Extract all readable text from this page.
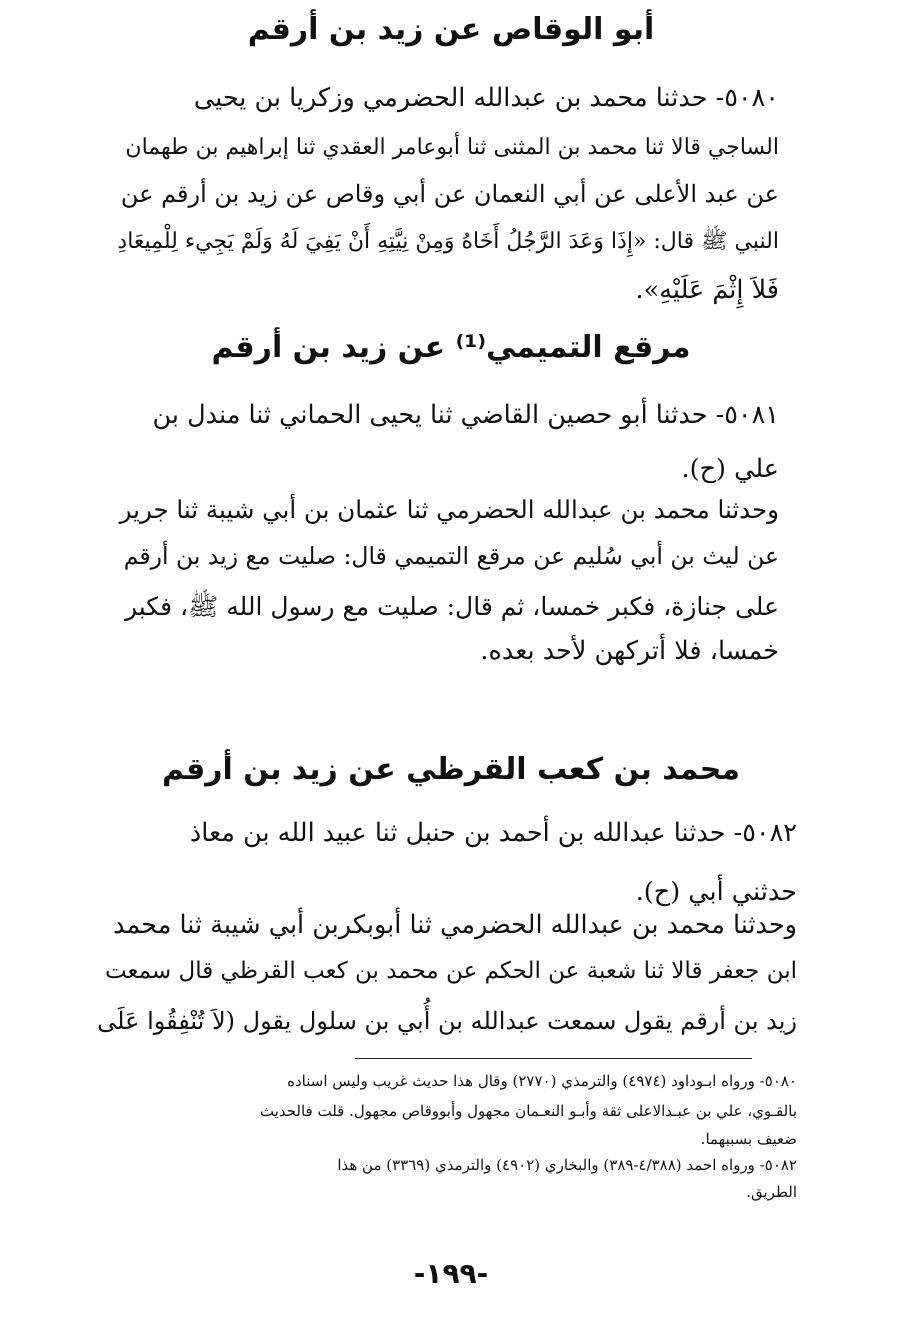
أبو الوقاص عن زيد بن أرقم
٥٠٨٠- حدثنا محمد بن عبدالله الحضرمي وزكريا بن يحيى
الساجي قالا ثنا محمد بن المثنى ثنا أبوعامر العقدي ثنا إبراهيم بن طهمان
عن عبد الأعلى عن أبي النعمان عن أبي وقاص عن زيد بن أرقم عن
النبي ﷺ قال: «إِذَا وَعَدَ الرَّجُلُ أَخَاهُ وَمِنْ نِيَّتِهِ أَنْ يَفِيَ لَهُ وَلَمْ يَجِيء لِلْمِيعَادِ
فَلاَ إِثْمَ عَلَيْهِ».
مرقع التميمي⁽¹⁾ عن زيد بن أرقم
٥٠٨١- حدثنا أبو حصين القاضي ثنا يحيى الحماني ثنا مندل بن
علي (ح).
وحدثنا محمد بن عبدالله الحضرمي ثنا عثمان بن أبي شيبة ثنا جرير
عن ليث بن أبي سُليم عن مرقع التميمي قال: صليت مع زيد بن أرقم
على جنازة، فكبر خمسا، ثم قال: صليت مع رسول الله ﷺ، فكبر
خمسا، فلا أتركهن لأحد بعده.
محمد بن كعب القرظي عن زيد بن أرقم
٥٠٨٢- حدثنا عبدالله بن أحمد بن حنبل ثنا عبيد الله بن معاذ
حدثني أبي (ح).
وحدثنا محمد بن عبدالله الحضرمي ثنا أبوبكربن أبي شيبة ثنا محمد
ابن جعفر قالا ثنا شعبة عن الحكم عن محمد بن كعب القرظي قال سمعت
زيد بن أرقم يقول سمعت عبدالله بن أُبي بن سلول يقول (لاَ تُنْفِقُوا عَلَى
٥٠٨٠- ورواه ابـوداود (٤٩٧٤) والترمذي (٢٧٧٠) وقال هذا حديث غريب وليس اسناده
بالقـوي، علي بن عبـدالاعلى ثقة وأبـو النعـمان مجهول وأبووقاص مجهول. قلت فالحديث
ضعيف بسببهما.
٥٠٨٢- ورواه احمد (٤/٣٨٨-٣٨٩) والبخاري (٤٩٠٢) والترمذي (٣٣٦٩) من هذا
الطريق.
-١٩٩-
